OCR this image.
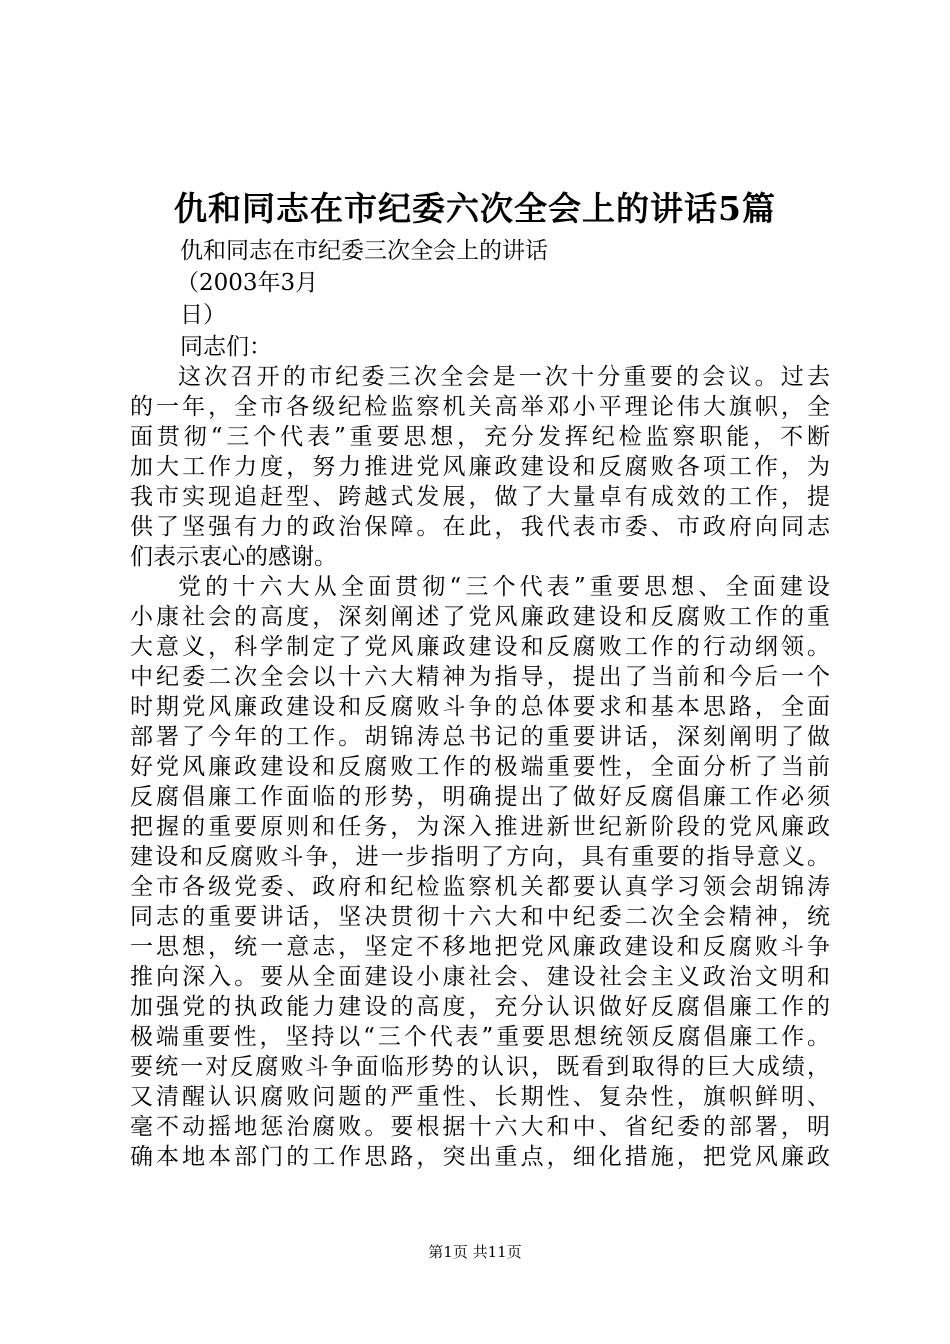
仇和同志在市纪委六次全会上的讲话5篇
仇和同志在市纪委三次全会上的讲话
（2003年3月
日）
同志们：
这次召开的市纪委三次全会是一次十分重要的会议。过去
的一年，全市各级纪检监察机关高举邓小平理论伟大旗帜，全
面贯彻“三个代表”重要思想，充分发挥纪检监察职能，不断
加大工作力度，努力推进党风廉政建设和反腐败各项工作，为
我市实现追赶型、跨越式发展，做了大量卓有成效的工作，提
供了坚强有力的政治保障。在此，我代表市委、市政府向同志
们表示衷心的感谢。
党的十六大从全面贯彻“三个代表”重要思想、全面建设
小康社会的高度，深刻阐述了党风廉政建设和反腐败工作的重
大意义，科学制定了党风廉政建设和反腐败工作的行动纲领。
中纪委二次全会以十六大精神为指导，提出了当前和今后一个
时期党风廉政建设和反腐败斗争的总体要求和基本思路，全面
部署了今年的工作。胡锦涛总书记的重要讲话，深刻阐明了做
好党风廉政建设和反腐败工作的极端重要性，全面分析了当前
反腐倡廉工作面临的形势，明确提出了做好反腐倡廉工作必须
把握的重要原则和任务，为深入推进新世纪新阶段的党风廉政
建设和反腐败斗争，进一步指明了方向，具有重要的指导意义。
全市各级党委、政府和纪检监察机关都要认真学习领会胡锦涛
同志的重要讲话，坚决贯彻十六大和中纪委二次全会精神，统
一思想，统一意志，坚定不移地把党风廉政建设和反腐败斗争
推向深入。要从全面建设小康社会、建设社会主义政治文明和
加强党的执政能力建设的高度，充分认识做好反腐倡廉工作的
极端重要性，坚持以“三个代表”重要思想统领反腐倡廉工作。
要统一对反腐败斗争面临形势的认识，既看到取得的巨大成绩，
又清醒认识腐败问题的严重性、长期性、复杂性，旗帜鲜明、
毫不动摇地惩治腐败。要根据十六大和中、省纪委的部署，明
确本地本部门的工作思路，突出重点，细化措施，把党风廉政
第1页 共11页
